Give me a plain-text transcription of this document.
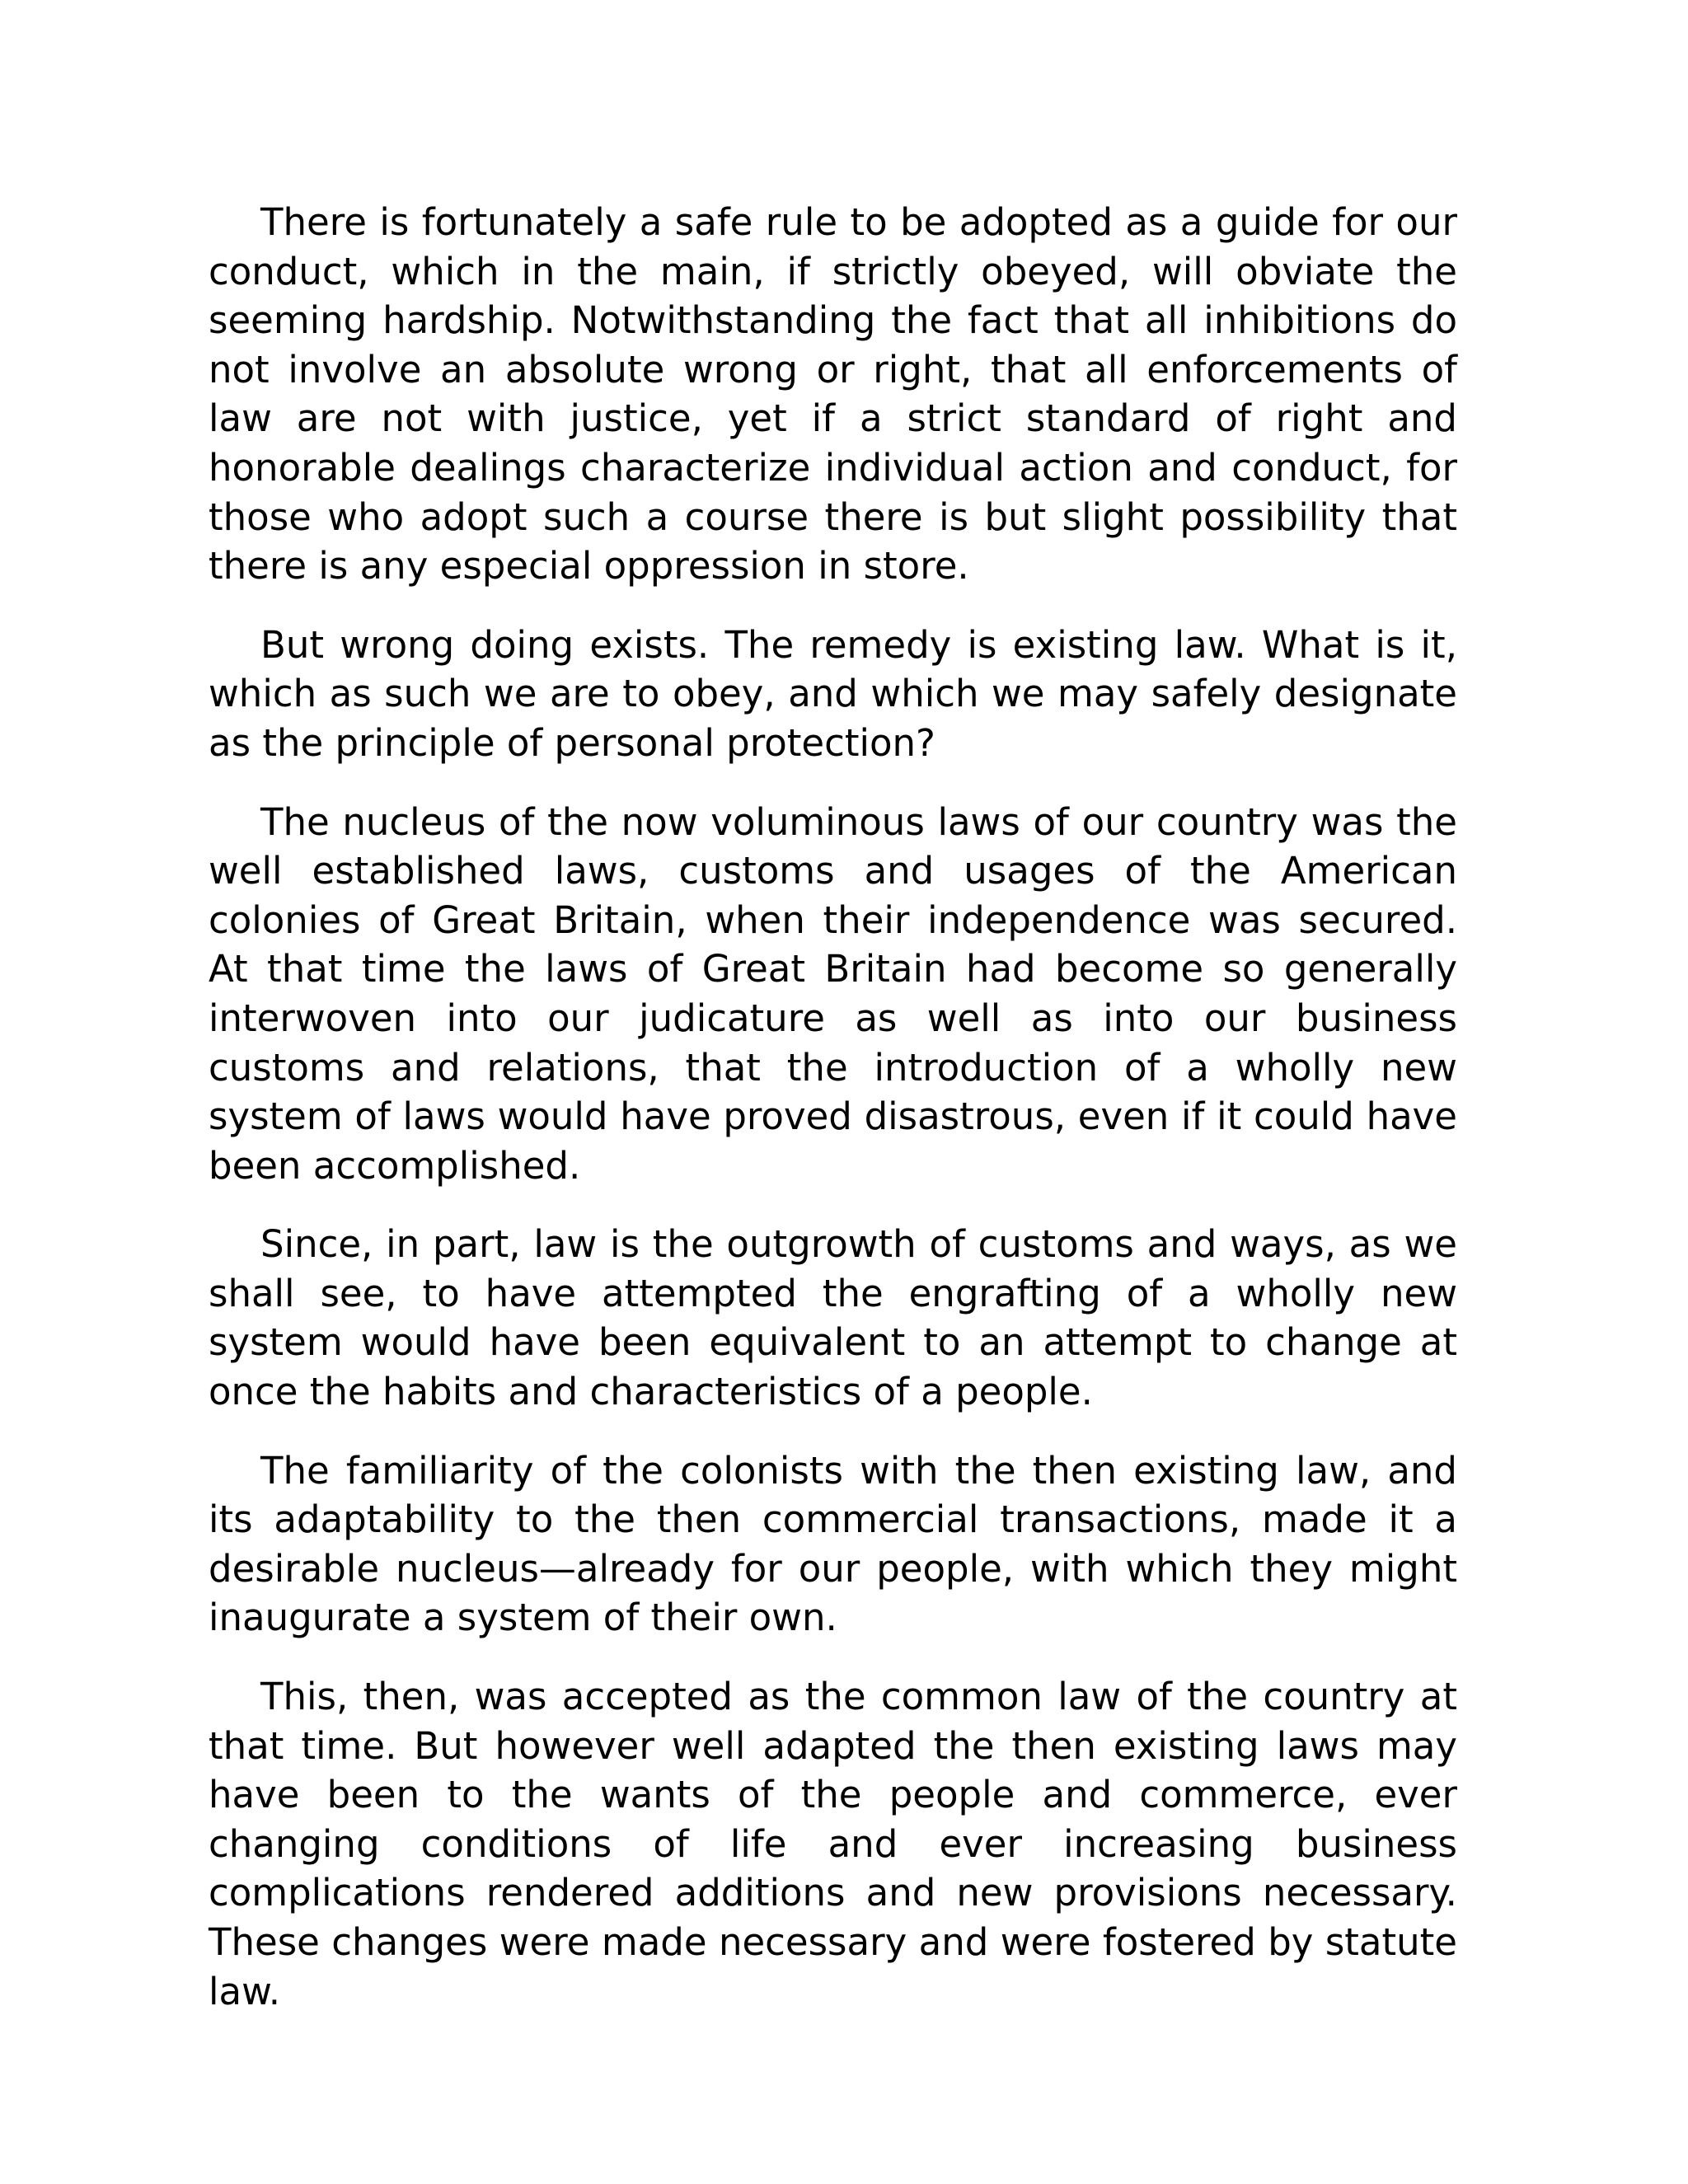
There is fortunately a safe rule to be adopted as a guide for our conduct, which in the main, if strictly obeyed, will obviate the seeming hardship. Notwithstanding the fact that all inhibitions do not involve an absolute wrong or right, that all enforcements of law are not with justice, yet if a strict standard of right and honorable dealings characterize individual action and conduct, for those who adopt such a course there is but slight possibility that there is any especial oppression in store.

But wrong doing exists. The remedy is existing law. What is it, which as such we are to obey, and which we may safely designate as the principle of personal protection?

The nucleus of the now voluminous laws of our country was the well established laws, customs and usages of the American colonies of Great Britain, when their independence was secured. At that time the laws of Great Britain had become so generally interwoven into our judicature as well as into our business customs and relations, that the introduction of a wholly new system of laws would have proved disastrous, even if it could have been accomplished.

Since, in part, law is the outgrowth of customs and ways, as we shall see, to have attempted the engrafting of a wholly new system would have been equivalent to an attempt to change at once the habits and characteristics of a people.

The familiarity of the colonists with the then existing law, and its adaptability to the then commercial transactions, made it a desirable nucleus—already for our people, with which they might inaugurate a system of their own.

This, then, was accepted as the common law of the country at that time. But however well adapted the then existing laws may have been to the wants of the people and commerce, ever changing conditions of life and ever increasing business complications rendered additions and new provisions necessary. These changes were made necessary and were fostered by statute law.
